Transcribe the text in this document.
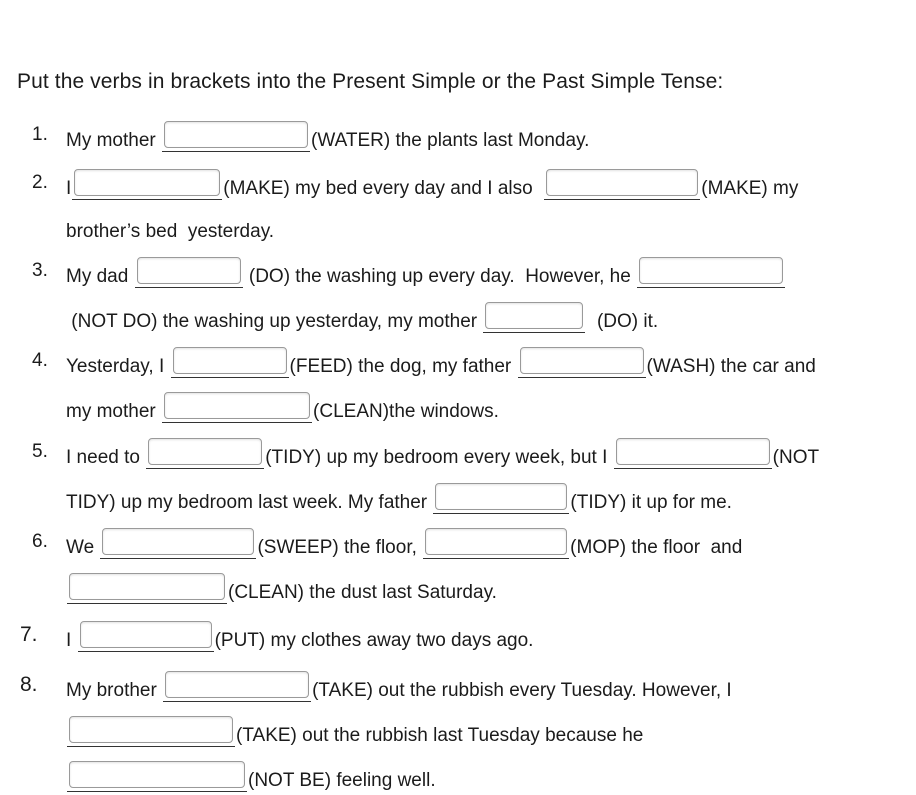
Put the verbs in brackets into the Present Simple or the Past Simple Tense:
1. My mother	(WATER) the plants last Monday.
2. I	(MAKE) my bed every day and I also	(MAKE) my
brother’s bed  yesterday.
3. My dad	(DO) the washing up every day.  However, he
(NOT DO) the washing up yesterday, my mother	(DO) it.
4. Yesterday, I	(FEED) the dog, my father	(WASH) the car and
my mother	(CLEAN)the windows.
5. I need to	(TIDY) up my bedroom every week, but I	(NOT
TIDY) up my bedroom last week. My father	(TIDY) it up for me.
6. We	(SWEEP) the floor,	(MOP) the floor  and
(CLEAN) the dust last Saturday.
7. I	(PUT) my clothes away two days ago.
8. My brother	(TAKE) out the rubbish every Tuesday. However, I
(TAKE) out the rubbish last Tuesday because he
(NOT BE) feeling well.
